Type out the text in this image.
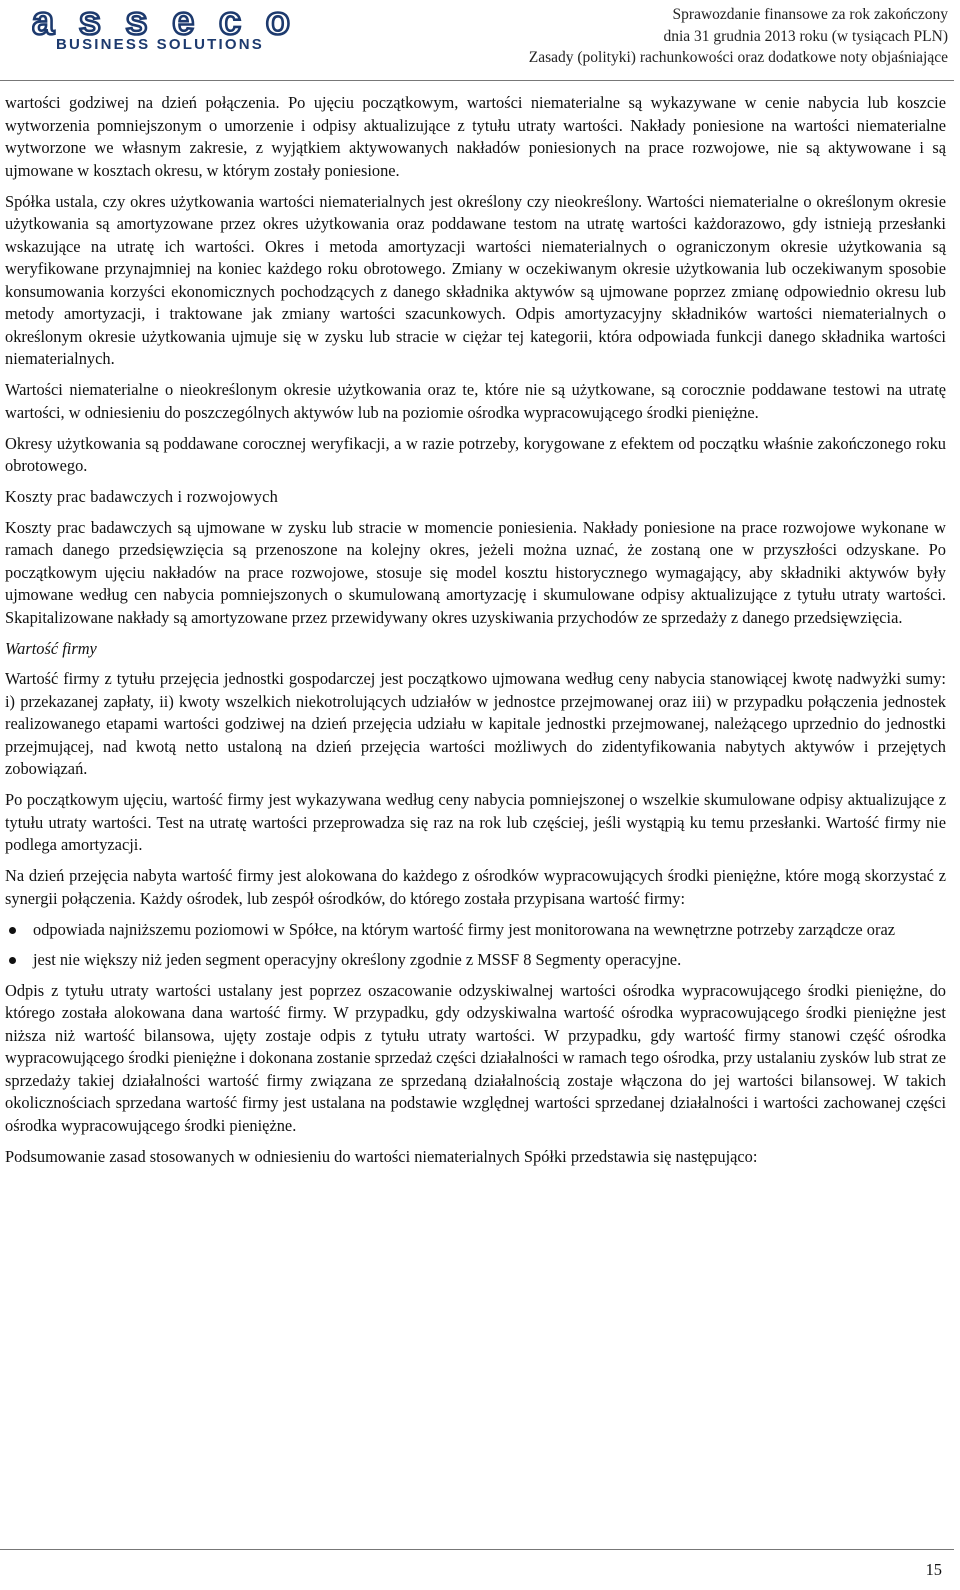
asseco
BUSINESS SOLUTIONS
Sprawozdanie finansowe za rok zakończony
dnia 31 grudnia 2013 roku (w tysiącach PLN)
Zasady (polityki) rachunkowości oraz dodatkowe noty objaśniające

wartości godziwej na dzień połączenia. Po ujęciu początkowym, wartości niematerialne są wykazywane w cenie nabycia lub koszcie wytworzenia pomniejszonym o umorzenie i odpisy aktualizujące z tytułu utraty wartości. Nakłady poniesione na wartości niematerialne wytworzone we własnym zakresie, z wyjątkiem aktywowanych nakładów poniesionych na prace rozwojowe, nie są aktywowane i są ujmowane w kosztach okresu, w którym zostały poniesione.

Spółka ustala, czy okres użytkowania wartości niematerialnych jest określony czy nieokreślony. Wartości niematerialne o określonym okresie użytkowania są amortyzowane przez okres użytkowania oraz poddawane testom na utratę wartości każdorazowo, gdy istnieją przesłanki wskazujące na utratę ich wartości. Okres i metoda amortyzacji wartości niematerialnych o ograniczonym okresie użytkowania są weryfikowane przynajmniej na koniec każdego roku obrotowego. Zmiany w oczekiwanym okresie użytkowania lub oczekiwanym sposobie konsumowania korzyści ekonomicznych pochodzących z danego składnika aktywów są ujmowane poprzez zmianę odpowiednio okresu lub metody amortyzacji, i traktowane jak zmiany wartości szacunkowych. Odpis amortyzacyjny składników wartości niematerialnych o określonym okresie użytkowania ujmuje się w zysku lub stracie w ciężar tej kategorii, która odpowiada funkcji danego składnika wartości niematerialnych.

Wartości niematerialne o nieokreślonym okresie użytkowania oraz te, które nie są użytkowane, są corocznie poddawane testowi na utratę wartości, w odniesieniu do poszczególnych aktywów lub na poziomie ośrodka wypracowującego środki pieniężne.

Okresy użytkowania są poddawane corocznej weryfikacji, a w razie potrzeby, korygowane z efektem od początku właśnie zakończonego roku obrotowego.

Koszty prac badawczych i rozwojowych

Koszty prac badawczych są ujmowane w zysku lub stracie w momencie poniesienia. Nakłady poniesione na prace rozwojowe wykonane w ramach danego przedsięwzięcia są przenoszone na kolejny okres, jeżeli można uznać, że zostaną one w przyszłości odzyskane. Po początkowym ujęciu nakładów na prace rozwojowe, stosuje się model kosztu historycznego wymagający, aby składniki aktywów były ujmowane według cen nabycia pomniejszonych o skumulowaną amortyzację i skumulowane odpisy aktualizujące z tytułu utraty wartości. Skapitalizowane nakłady są amortyzowane przez przewidywany okres uzyskiwania przychodów ze sprzedaży z danego przedsięwzięcia.

Wartość firmy

Wartość firmy z tytułu przejęcia jednostki gospodarczej jest początkowo ujmowana według ceny nabycia stanowiącej kwotę nadwyżki sumy: i) przekazanej zapłaty, ii) kwoty wszelkich niekotrolujących udziałów w jednostce przejmowanej oraz iii) w przypadku połączenia jednostek realizowanego etapami wartości godziwej na dzień przejęcia udziału w kapitale jednostki przejmowanej, należącego uprzednio do jednostki przejmującej, nad kwotą netto ustaloną na dzień przejęcia wartości możliwych do zidentyfikowania nabytych aktywów i przejętych zobowiązań.

Po początkowym ujęciu, wartość firmy jest wykazywana według ceny nabycia pomniejszonej o wszelkie skumulowane odpisy aktualizujące z tytułu utraty wartości. Test na utratę wartości przeprowadza się raz na rok lub częściej, jeśli wystąpią ku temu przesłanki. Wartość firmy nie podlega amortyzacji.

Na dzień przejęcia nabyta wartość firmy jest alokowana do każdego z ośrodków wypracowujących środki pieniężne, które mogą skorzystać z synergii połączenia. Każdy ośrodek, lub zespół ośrodków, do którego została przypisana wartość firmy:

odpowiada najniższemu poziomowi w Spółce, na którym wartość firmy jest monitorowana na wewnętrzne potrzeby zarządcze oraz
jest nie większy niż jeden segment operacyjny określony zgodnie z MSSF 8 Segmenty operacyjne.

Odpis z tytułu utraty wartości ustalany jest poprzez oszacowanie odzyskiwalnej wartości ośrodka wypracowującego środki pieniężne, do którego została alokowana dana wartość firmy. W przypadku, gdy odzyskiwalna wartość ośrodka wypracowującego środki pieniężne jest niższa niż wartość bilansowa, ujęty zostaje odpis z tytułu utraty wartości. W przypadku, gdy wartość firmy stanowi część ośrodka wypracowującego środki pieniężne i dokonana zostanie sprzedaż części działalności w ramach tego ośrodka, przy ustalaniu zysków lub strat ze sprzedaży takiej działalności wartość firmy związana ze sprzedaną działalnością zostaje włączona do jej wartości bilansowej. W takich okolicznościach sprzedana wartość firmy jest ustalana na podstawie względnej wartości sprzedanej działalności i wartości zachowanej części ośrodka wypracowującego środki pieniężne.

Podsumowanie zasad stosowanych w odniesieniu do wartości niematerialnych Spółki przedstawia się następująco:

15
